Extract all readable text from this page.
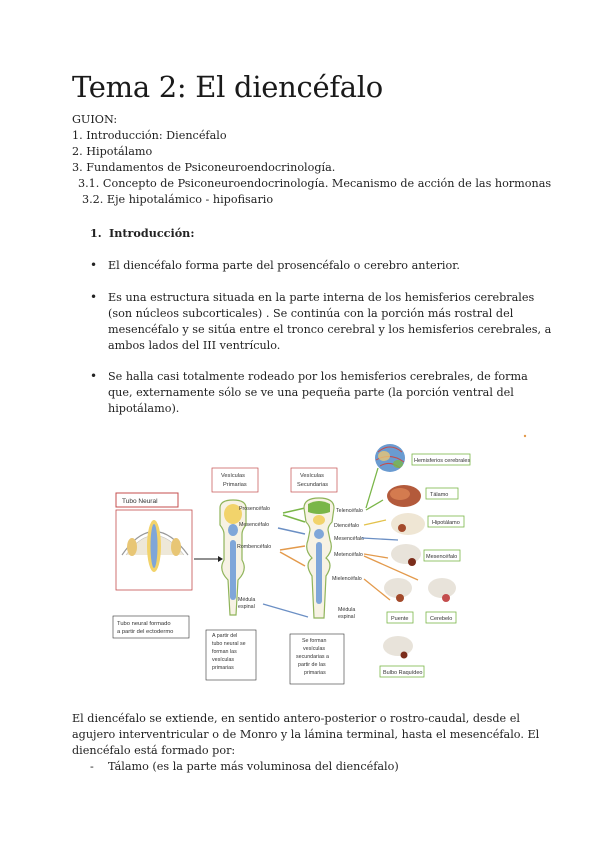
Tema 2: El diencéfalo
GUION:
1. Introducción: Diencéfalo
2. Hipotálamo
3. Fundamentos de Psiconeuroendocrinología.
3.1. Concepto de Psiconeuroendocrinología. Mecanismo de acción de las hormonas
3.2. Eje hipotalámico - hipofisario
1. Introducción:
• El diencéfalo forma parte del prosencéfalo o cerebro anterior.
• Es una estructura situada en la parte interna de los hemisferios cerebrales
(son núcleos subcorticales) . Se continúa con la porción más rostral del
mesencéfalo y se sitúa entre el tronco cerebral y los hemisferios cerebrales, a
ambos lados del III ventrículo.
• Se halla casi totalmente rodeado por los hemisferios cerebrales, de forma
que, externamente sólo se ve una pequeña parte (la porción ventral del
hipotálamo).
Tubo Neural
Tubo neural formado
a partir del ectodermo
Vesículas
Primarias
Prosencéfalo
Mesencéfalo
Rombencéfalo
Médula
espinal
A partir del
tubo neural se
forman las
vesículas
primarias
Vesículas
Secundarias
Telencéfalo
Diencéfalo
Mesencéfalo
Metencéfalo
Mielencéfalo
Médula
espinal
Se forman
vesículas
secundarias a
partir de las
primarias
Hemisferios cerebrales
Tálamo
Hipotálamo
Mesencéfalo
Puente	Cerebelo
Bulbo Raquídeo
El diencéfalo se extiende, en sentido antero-posterior o rostro-caudal, desde el
agujero interventricular o de Monro y la lámina terminal, hasta el mesencéfalo. El
diencéfalo está formado por:
- Tálamo (es la parte más voluminosa del diencéfalo)
